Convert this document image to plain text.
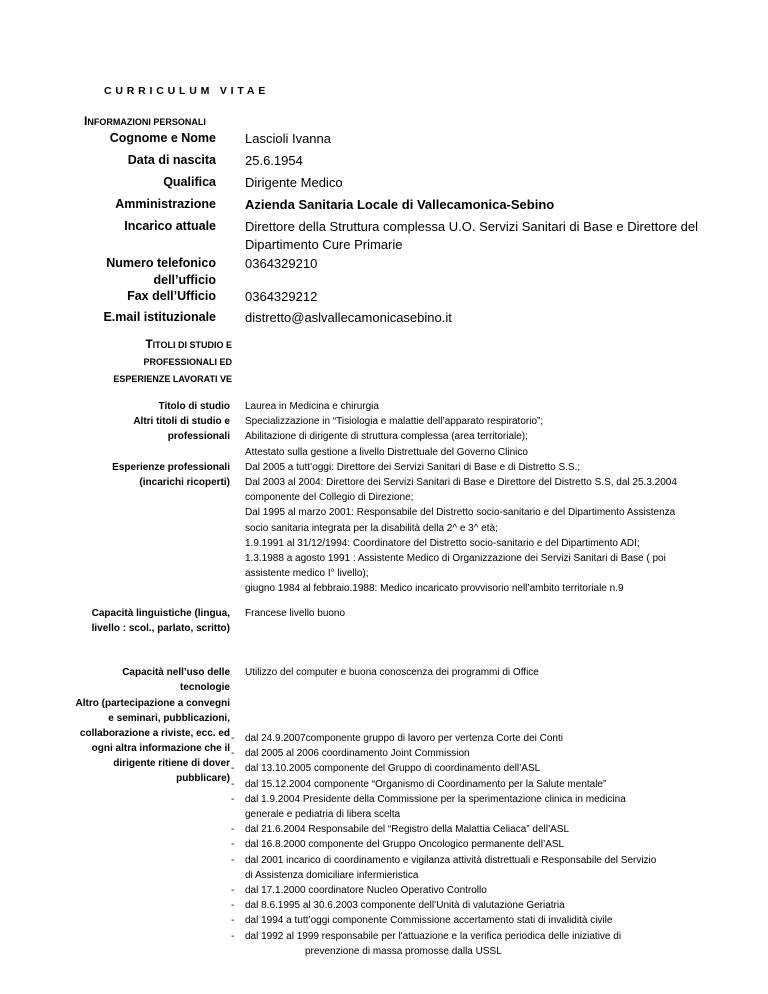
CURRICULUM VITAE
INFORMAZIONI PERSONALI
Cognome e Nome Lascioli Ivanna
Data di nascita 25.6.1954
Qualifica Dirigente Medico
Amministrazione Azienda Sanitaria Locale di Vallecamonica-Sebino
Incarico attuale Direttore della Struttura complessa U.O. Servizi Sanitari di Base e Direttore del Dipartimento Cure Primarie
Numero telefonico dell’ufficio
0364329210
Fax dell’Ufficio 0364329212
E.mail istituzionale distretto@aslvallecamonicasebino.it
TITOLI DI STUDIO E
PROFESSIONALI ED
ESPERIENZE LAVORATI VE
Titolo di studio
Altri titoli di studio e professionali
Esperienze professionali (incarichi ricoperti)

Laurea in Medicina e chirurgia

Specializzazione in “Tisiologia e malattie dell’apparato respiratorio”;

Abilitazione di dirigente di struttura complessa (area territoriale);

Attestato sulla gestione a livello Distrettuale del Governo Clinico

Dal 2005 a tutt’oggi: Direttore dei Servizi Sanitari di Base e di Distretto S.S.;

Dal 2003 al 2004: Direttore dei Servizi Sanitari di Base e Direttore del Distretto S.S, dal 25.3.2004 componente del Collegio di Direzione;

Dal 1995 al marzo 2001: Responsabile del Distretto socio-sanitario e del Dipartimento Assistenza socio sanitaria integrata per la disabilità della 2^ e 3^ età;

1.9.1991 al 31/12/1994: Coordinatore del Distretto socio-sanitario e del Dipartimento ADI;

1.3.1988 a agosto 1991 : Assistente Medico di Organizzazione dei Servizi Sanitari di Base ( poi assistente medico I° livello);

giugno 1984 al febbraio.1988: Medico incaricato provvisorio nell’ambito territoriale n.9

Capacità linguistiche (lingua, livello : scol., parlato, scritto)
Francese livello buono
Capacità nell’uso delle tecnologie
Utilizzo del computer e buona conoscenza dei programmi di Office
Altro (partecipazione a convegni e seminari, pubblicazioni, collaborazione a riviste, ecc. ed ogni altra informazione che il dirigente ritiene di dover pubblicare)
- dal 24.9.2007componente gruppo di lavoro per vertenza Corte dei Conti
- dal 2005 al 2006 coordinamento Joint Commission
- dal 13.10.2005 componente del Gruppo di coordinamento dell’ASL
- dal 15.12.2004 componente “Organismo di Coordinamento per la Salute mentale”
- dal 1.9.2004 Presidente della Commissione per la sperimentazione clinica in medicina
generale e pediatria di libera scelta
- dal 21.6.2004 Responsabile del “Registro della Malattia Celiaca” dell’ASL
- dal 16.8.2000 componente del Gruppo Oncologico permanente dell’ASL
- dal 2001 incarico di coordinamento e vigilanza attività distrettuali e Responsabile del Servizio
di Assistenza domiciliare infermieristica
- dal 17.1.2000 coordinatore Nucleo Operativo Controllo
- dal 8.6.1995 al 30.6.2003 componente dell’Unità di valutazione Geriatria
- dal 1994 a tutt’oggi componente Commissione accertamento stati di invalidità civile
- dal 1992 al 1999 responsabile per l'attuazione e la verifica periodica delle iniziative di
prevenzione di massa promosse dalla USSL
